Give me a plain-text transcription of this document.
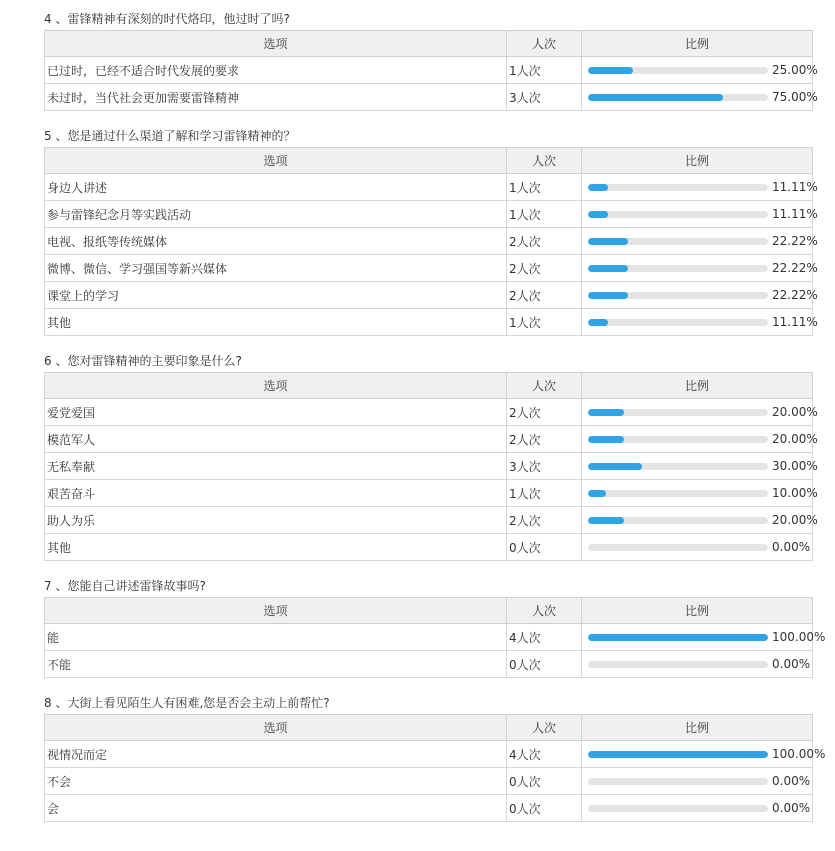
4 、雷锋精神有深刻的时代烙印，他过时了吗?
选项	人次	比例
已过时，已经不适合时代发展的要求	1人次	25.00%

未过时，当代社会更加需要雷锋精神	3人次	75.00%
5 、您是通过什么渠道了解和学习雷锋精神的？
选项	人次	比例
身边人讲述	1人次	11.11%

参与雷锋纪念月等实践活动	1人次	11.11%

电视、报纸等传统媒体	2人次	22.22%

微博、微信、学习强国等新兴媒体	2人次	22.22%

课堂上的学习	2人次	22.22%

其他	1人次	11.11%
6 、您对雷锋精神的主要印象是什么?
选项	人次	比例
爱党爱国	2人次	20.00%

模范军人	2人次	20.00%

无私奉献	3人次	30.00%

艰苦奋斗	1人次	10.00%

助人为乐	2人次	20.00%

其他	0人次	0.00%
7 、您能自己讲述雷锋故事吗?
选项	人次	比例
能	4人次	100.00%

不能	0人次	0.00%
8 、大街上看见陌生人有困难,您是否会主动上前帮忙?
选项	人次	比例
视情况而定	4人次	100.00%

不会	0人次	0.00%

会	0人次	0.00%
